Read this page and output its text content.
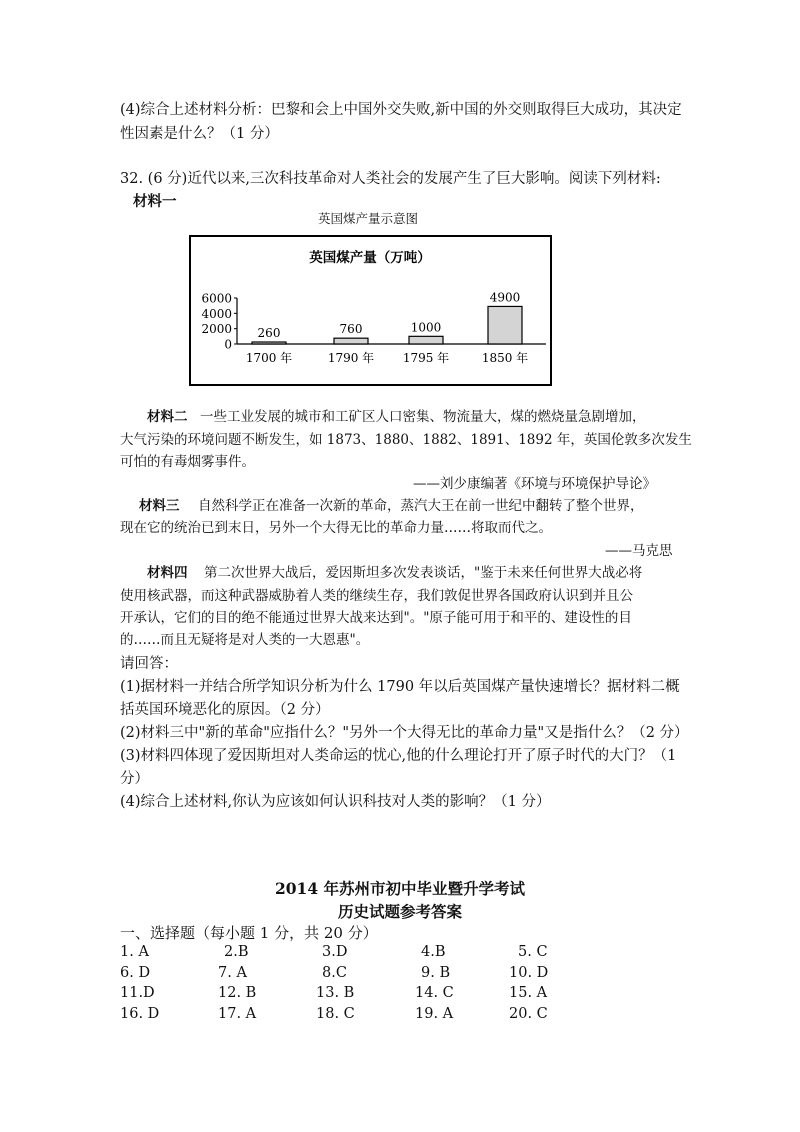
(4)综合上述材料分析：巴黎和会上中国外交失败,新中国的外交则取得巨大成功，其决定
性因素是什么？（1 分）
32. (6 分)近代以来,三次科技革命对人类社会的发展产生了巨大影响。阅读下列材料:
材料一
英国煤产量示意图
英国煤产量（万吨）
6000
4000
2000
0
260
1700 年
760
1790 年
1000
1795 年
4900
1850 年
材料二 一些工业发展的城市和工矿区人口密集、物流量大，煤的燃烧量急剧增加，
大气污染的环境问题不断发生，如 1873、1880、1882、1891、1892 年，英国伦敦多次发生
可怕的有毒烟雾事件。
——刘少康编著《环境与环境保护导论》
材料三 自然科学正在准备一次新的革命，蒸汽大王在前一世纪中翻转了整个世界，
现在它的统治已到末日，另外一个大得无比的革命力量……将取而代之。
——马克思
材料四 第二次世界大战后，爱因斯坦多次发表谈话，"鉴于未来任何世界大战必将
使用核武器，而这种武器威胁着人类的继续生存，我们敦促世界各国政府认识到并且公
开承认，它们的目的绝不能通过世界大战来达到"。"原子能可用于和平的、建设性的目
的……而且无疑将是对人类的一大恩惠"。
请回答：
(1)据材料一并结合所学知识分析为什么 1790 年以后英国煤产量快速增长？据材料二概
括英国环境恶化的原因。（2 分）
(2)材料三中"新的革命"应指什么？"另外一个大得无比的革命力量"又是指什么？（2 分）
(3)材料四体现了爱因斯坦对人类命运的忧心,他的什么理论打开了原子时代的大门？（1
分）
(4)综合上述材料,你认为应该如何认识科技对人类的影响？（1 分）
2014 年苏州市初中毕业暨升学考试
历史试题参考答案
一、选择题（每小题 1 分，共 20 分）
1. A	2.B	3.D	4.B	5. C
6. D	7. A	8.C	9. B	10. D
11.D	12. B	13. B	14. C	15. A
16. D	17. A	18. C	19. A	20. C
